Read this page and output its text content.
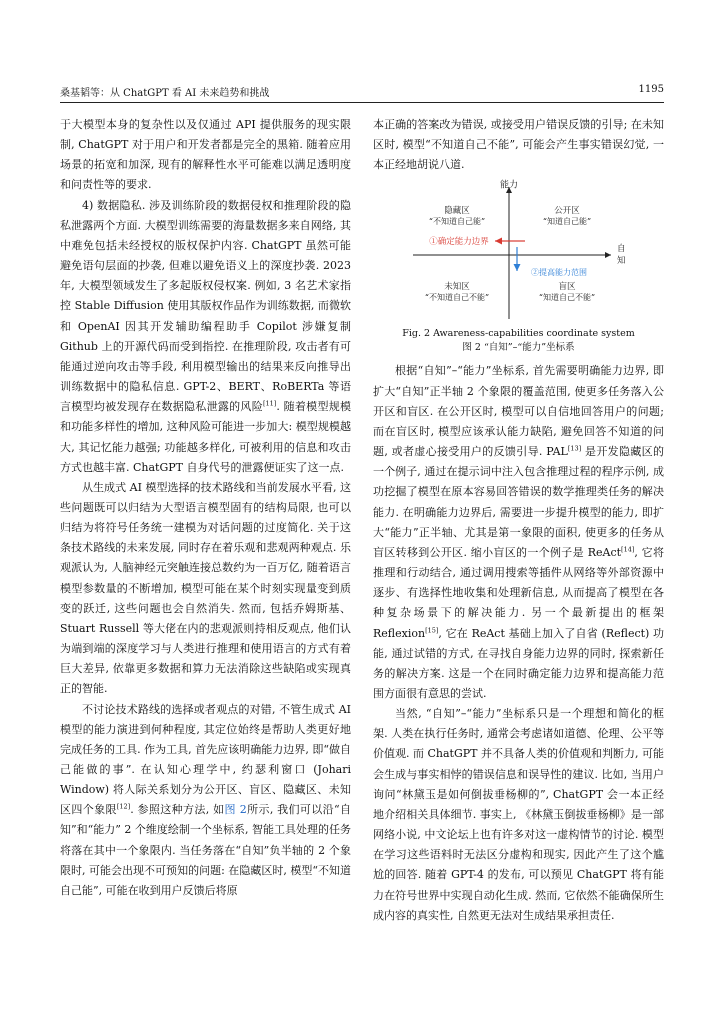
桑基韬等：从 ChatGPT 看 AI 未来趋势和挑战	1195

于大模型本身的复杂性以及仅通过 API 提供服务的现实限制, ChatGPT 对于用户和开发者都是完全的黑箱. 随着应用场景的拓宽和加深, 现有的解释性水平可能难以满足透明度和问责性等的要求.

4) 数据隐私. 涉及训练阶段的数据侵权和推理阶段的隐私泄露两个方面. 大模型训练需要的海量数据多来自网络, 其中难免包括未经授权的版权保护内容. ChatGPT 虽然可能避免语句层面的抄袭, 但难以避免语义上的深度抄袭. 2023 年, 大模型领域发生了多起版权侵权案. 例如, 3 名艺术家指控 Stable Diffusion 使用其版权作品作为训练数据, 而微软和 OpenAI 因其开发辅助编程助手 Copilot 涉嫌复制 Github 上的开源代码而受到指控. 在推理阶段, 攻击者有可能通过逆向攻击等手段, 利用模型输出的结果来反向推导出训练数据中的隐私信息. GPT-2、BERT、RoBERTa 等语言模型均被发现存在数据隐私泄露的风险[11]. 随着模型规模和功能多样性的增加, 这种风险可能进一步加大: 模型规模越大, 其记忆能力越强; 功能越多样化, 可被利用的信息和攻击方式也越丰富. ChatGPT 自身代号的泄露便证实了这一点.

从生成式 AI 模型选择的技术路线和当前发展水平看, 这些问题既可以归结为大型语言模型固有的结构局限, 也可以归结为将符号任务统一建模为对话问题的过度简化. 关于这条技术路线的未来发展, 同时存在着乐观和悲观两种观点. 乐观派认为, 人脑神经元突触连接总数约为一百万亿, 随着语言模型参数量的不断增加, 模型可能在某个时刻实现量变到质变的跃迁, 这些问题也会自然消失. 然而, 包括乔姆斯基、Stuart Russell 等大佬在内的悲观派则持相反观点, 他们认为端到端的深度学习与人类进行推理和使用语言的方式有着巨大差异, 依靠更多数据和算力无法消除这些缺陷或实现真正的智能.

不讨论技术路线的选择或者观点的对错, 不管生成式 AI 模型的能力演进到何种程度, 其定位始终是帮助人类更好地完成任务的工具. 作为工具, 首先应该明确能力边界, 即“做自己能做的事”. 在认知心理学中, 约瑟利窗口 (Johari Window) 将人际关系划分为公开区、盲区、隐藏区、未知区四个象限[12]. 参照这种方法, 如图 2所示, 我们可以沿“自知”和“能力” 2 个维度绘制一个坐标系, 智能工具处理的任务将落在其中一个象限内. 当任务落在“自知”负半轴的 2 个象限时, 可能会出现不可预知的问题: 在隐藏区时, 模型“不知道自己能”, 可能在收到用户反馈后将原

本正确的答案改为错误, 或接受用户错误反馈的引导; 在未知区时, 模型“不知道自己不能”, 可能会产生事实错误幻觉, 一本正经地胡说八道.

能力
自
知
隐藏区
“不知道自己能”
公开区
“知道自己能”
未知区
“不知道自己不能”
盲区
“知道自己不能”
①确定能力边界
②提高能力范围
Fig. 2 Awareness-capabilities coordinate system
图 2 “自知”–“能力”坐标系

根据“自知”–“能力”坐标系, 首先需要明确能力边界, 即扩大“自知”正半轴 2 个象限的覆盖范围, 使更多任务落入公开区和盲区. 在公开区时, 模型可以自信地回答用户的问题; 而在盲区时, 模型应该承认能力缺陷, 避免回答不知道的问题, 或者虚心接受用户的反馈引导. PAL[13] 是开发隐藏区的一个例子, 通过在提示词中注入包含推理过程的程序示例, 成功挖掘了模型在原本容易回答错误的数学推理类任务的解决能力. 在明确能力边界后, 需要进一步提升模型的能力, 即扩大“能力”正半轴、尤其是第一象限的面积, 使更多的任务从盲区转移到公开区. 缩小盲区的一个例子是 ReAct[14], 它将推理和行动结合, 通过调用搜索等插件从网络等外部资源中逐步、有选择性地收集和处理新信息, 从而提高了模型在各种复杂场景下的解决能力. 另一个最新提出的框架 Reflexion[15], 它在 ReAct 基础上加入了自省 (Reflect) 功能, 通过试错的方式, 在寻找自身能力边界的同时, 探索新任务的解决方案. 这是一个在同时确定能力边界和提高能力范围方面很有意思的尝试.

当然, “自知”–“能力”坐标系只是一个理想和简化的框架. 人类在执行任务时, 通常会考虑诸如道德、伦理、公平等价值观. 而 ChatGPT 并不具备人类的价值观和判断力, 可能会生成与事实相悖的错误信息和误导性的建议. 比如, 当用户询问“林黛玉是如何倒拔垂杨柳的”, ChatGPT 会一本正经地介绍相关具体细节. 事实上, 《林黛玉倒拔垂杨柳》是一部网络小说, 中文论坛上也有许多对这一虚构情节的讨论. 模型在学习这些语料时无法区分虚构和现实, 因此产生了这个尴尬的回答. 随着 GPT-4 的发布, 可以预见 ChatGPT 将有能力在符号世界中实现自动化生成. 然而, 它依然不能确保所生成内容的真实性, 自然更无法对生成结果承担责任.
